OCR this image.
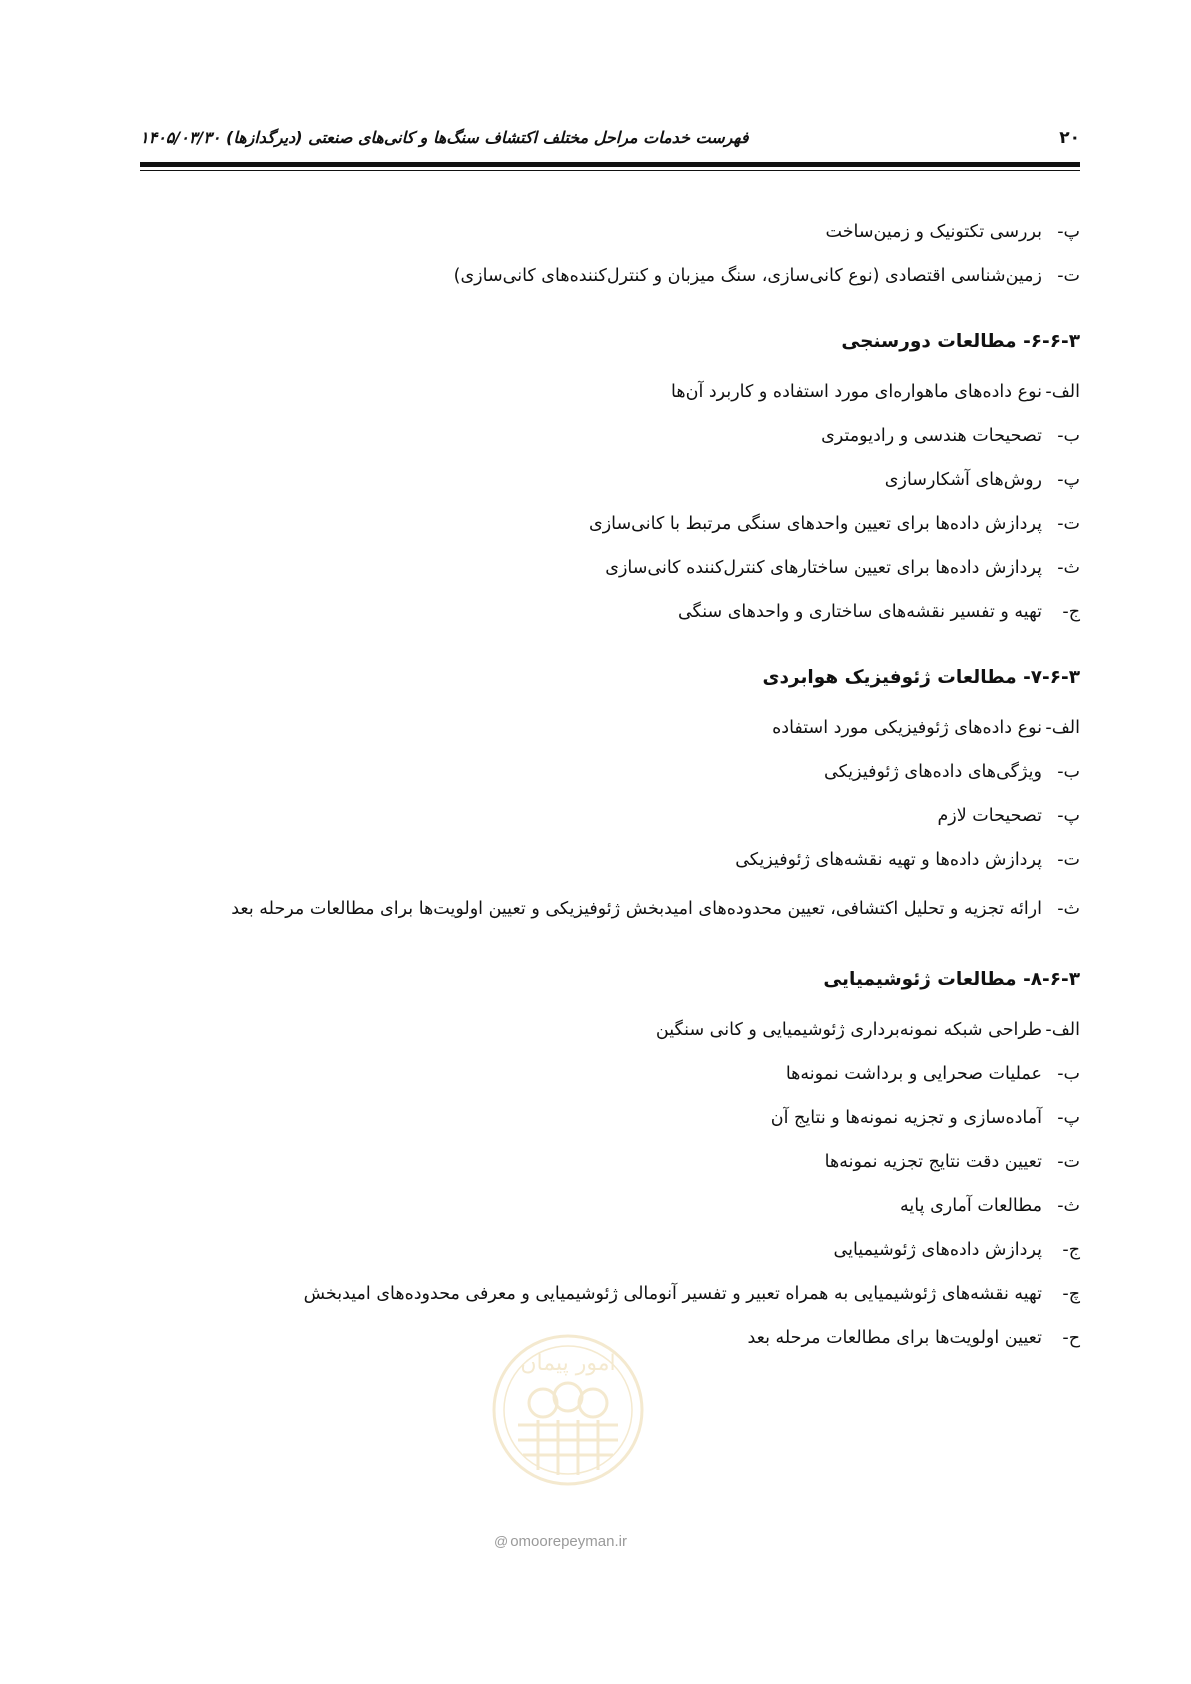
۲۰
فهرست خدمات مراحل مختلف اکتشاف سنگ‌ها و کانی‌های صنعتی (دیرگدازها) ۱۴۰۵/۰۳/۳۰
پ-
بررسی تکتونیک و زمین‌ساخت
ت-
زمین‌شناسی اقتصادی (نوع کانی‌سازی، سنگ میزبان و کنترل‌کننده‌های کانی‌سازی)
۶-۶-۳- مطالعات دورسنجی
الف-
نوع داده‌های ماهواره‌ای مورد استفاده و کاربرد آن‌ها
ب-
تصحیحات هندسی و رادیومتری
پ-
روش‌های آشکارسازی
ت-
پردازش داده‌ها برای تعیین واحدهای سنگی مرتبط با کانی‌سازی
ث-
پردازش داده‌ها برای تعیین ساختارهای کنترل‌کننده کانی‌سازی
ج-
تهیه و تفسیر نقشه‌های ساختاری و واحدهای سنگی
۷-۶-۳- مطالعات ژئوفیزیک هوابردی
الف-
نوع داده‌های ژئوفیزیکی مورد استفاده
ب-
ویژگی‌های داده‌های ژئوفیزیکی
پ-
تصحیحات لازم
ت-
پردازش داده‌ها و تهیه نقشه‌های ژئوفیزیکی
ث-
ارائه تجزیه و تحلیل اکتشافی، تعیین محدوده‌های امیدبخش ژئوفیزیکی و تعیین اولویت‌ها برای مطالعات مرحله بعد
۸-۶-۳- مطالعات ژئوشیمیایی
الف-
طراحی شبکه نمونه‌برداری ژئوشیمیایی و کانی سنگین
ب-
عملیات صحرایی و برداشت نمونه‌ها
پ-
آماده‌سازی و تجزیه نمونه‌ها و نتایج آن
ت-
تعیین دقت نتایج تجزیه نمونه‌ها
ث-
مطالعات آماری پایه
ج-
پردازش داده‌های ژئوشیمیایی
چ-
تهیه نقشه‌های ژئوشیمیایی به همراه تعبیر و تفسیر آنومالی ژئوشیمیایی و معرفی محدوده‌های امیدبخش
ح-
تعیین اولویت‌ها برای مطالعات مرحله بعد
امور پیمان
@ omoorepeyman.ir
